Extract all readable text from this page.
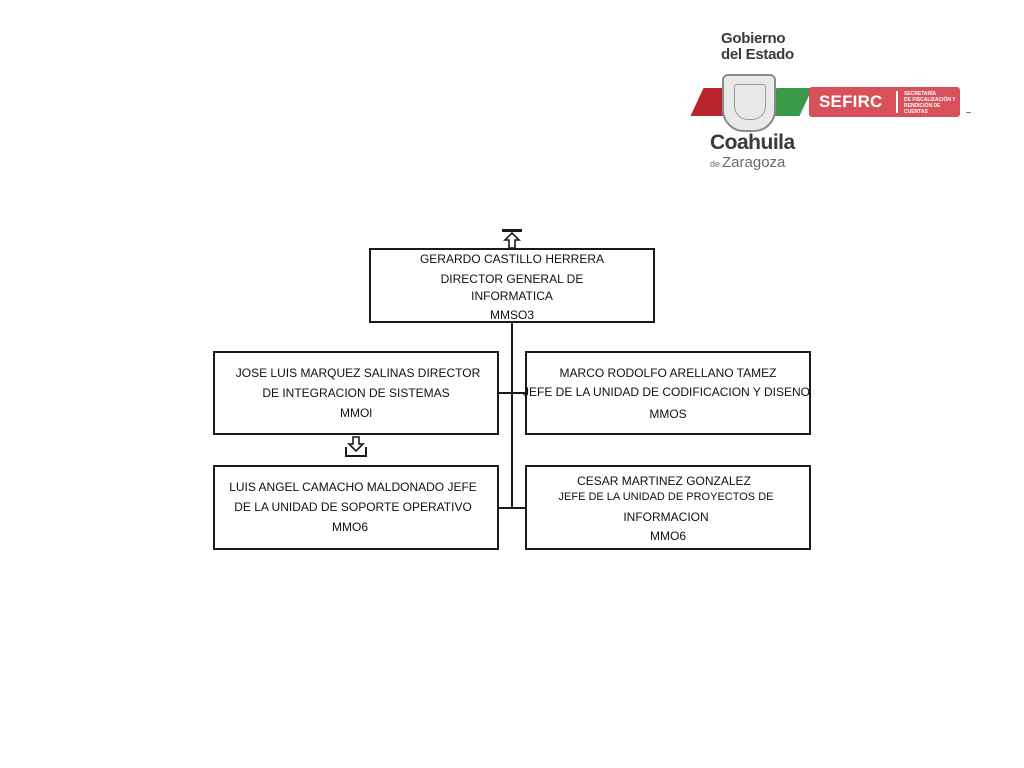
Gobierno
del Estado
SEFIRC	SECRETARÍA
DE FISCALIZACIÓN Y
RENDICIÓN DE CUENTAS
Coahuila
de Zaragoza
GERARDO CASTILLO HERRERA
DIRECTOR GENERAL DE
INFORMATICA
MMSO3
JOSE LUIS MARQUEZ SALINAS DIRECTOR
DE INTEGRACION DE SISTEMAS
MMOl
MARCO RODOLFO ARELLANO TAMEZ
JEFE DE LA UNIDAD DE CODIFICACION Y DISENO
MMOS
LUIS ANGEL CAMACHO MALDONADO JEFE
DE LA UNIDAD DE SOPORTE OPERATIVO
MMO6
CESAR MARTINEZ GONZALEZ
JEFE DE LA UNIDAD DE PROYECTOS DE
INFORMACION
MMO6
